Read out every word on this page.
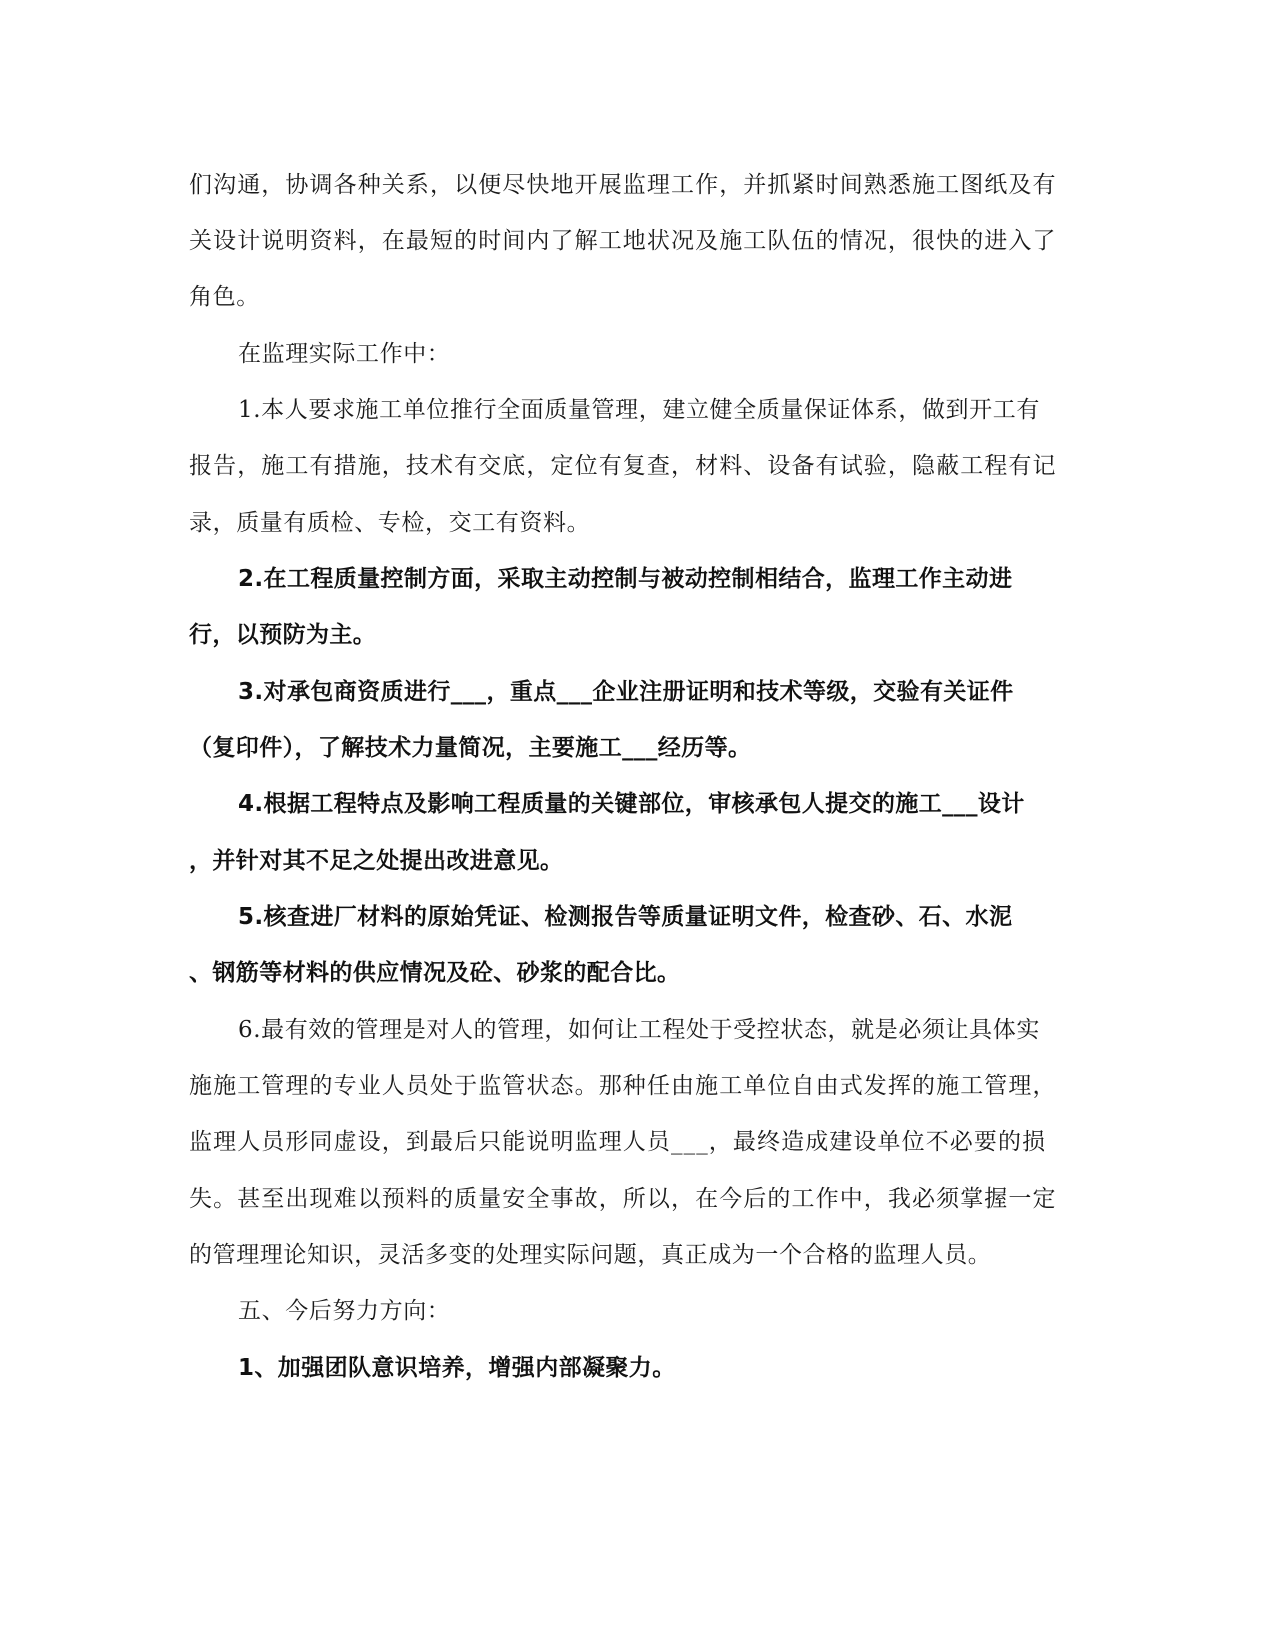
们沟通，协调各种关系，以便尽快地开展监理工作，并抓紧时间熟悉施工图纸及有
关设计说明资料，在最短的时间内了解工地状况及施工队伍的情况，很快的进入了
角色。
在监理实际工作中：
1.本人要求施工单位推行全面质量管理，建立健全质量保证体系，做到开工有
报告，施工有措施，技术有交底，定位有复查，材料、设备有试验，隐蔽工程有记
录，质量有质检、专检，交工有资料。
2.在工程质量控制方面，采取主动控制与被动控制相结合，监理工作主动进
行，以预防为主。
3.对承包商资质进行___，重点___企业注册证明和技术等级，交验有关证件
（复印件），了解技术力量简况，主要施工___经历等。
4.根据工程特点及影响工程质量的关键部位，审核承包人提交的施工___设计
，并针对其不足之处提出改进意见。
5.核查进厂材料的原始凭证、检测报告等质量证明文件，检查砂、石、水泥
、钢筋等材料的供应情况及砼、砂浆的配合比。
6.最有效的管理是对人的管理，如何让工程处于受控状态，就是必须让具体实
施施工管理的专业人员处于监管状态。那种任由施工单位自由式发挥的施工管理，
监理人员形同虚设，到最后只能说明监理人员___，最终造成建设单位不必要的损
失。甚至出现难以预料的质量安全事故，所以，在今后的工作中，我必须掌握一定
的管理理论知识，灵活多变的处理实际问题，真正成为一个合格的监理人员。
五、今后努力方向：
1、加强团队意识培养，增强内部凝聚力。
